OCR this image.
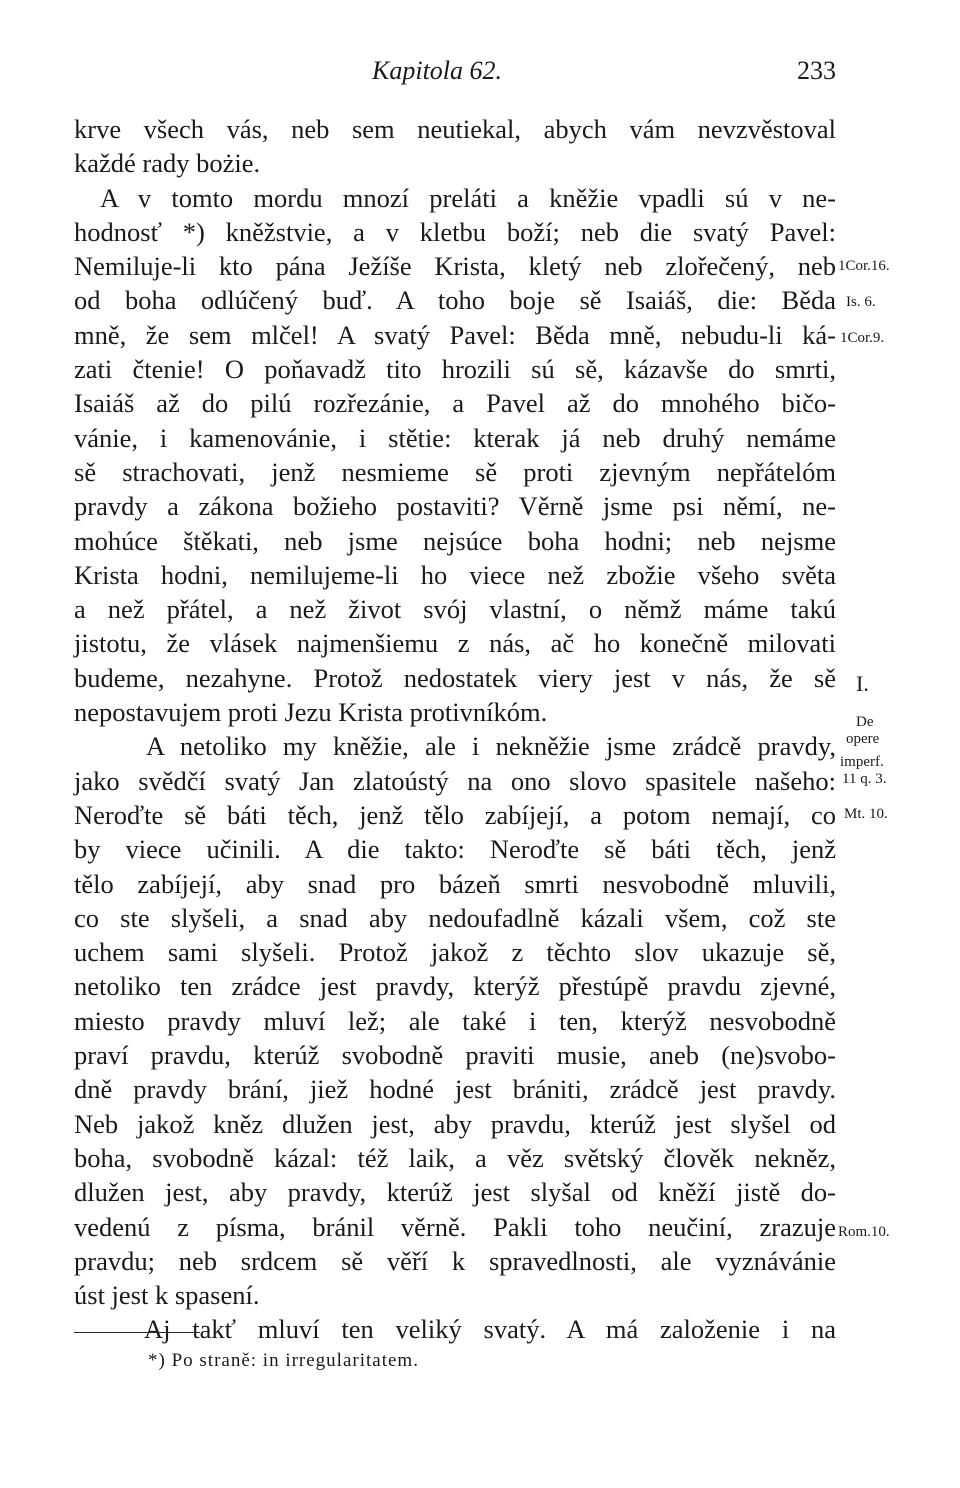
Kapitola 62.	233
krve všech vás, neb sem neutiekal, abych vám nevzvěstoval
každé rady bożie.
A v tomto mordu mnozí preláti a kněžie vpadli sú v ne-
hodnosť *) kněžstvie, a v kletbu boží; neb die svatý Pavel:
Nemiluje-li kto pána Ježíše Krista, kletý neb zlořečený, neb
od boha odlúčený buď. A toho boje sě Isaiáš, die: Běda
mně, že sem mlčel! A svatý Pavel: Běda mně, nebudu-li ká-
zati čtenie! O poňavadž tito hrozili sú sě, kázavše do smrti,
Isaiáš až do pilú rozřezánie, a Pavel až do mnohého bičo-
vánie, i kamenovánie, i stětie: kterak já neb druhý nemáme
sě strachovati, jenž nesmieme sě proti zjevným nepřátelóm
pravdy a zákona božieho postaviti? Věrně jsme psi němí, ne-
mohúce štěkati, neb jsme nejsúce boha hodni; neb nejsme
Krista hodni, nemilujeme-li ho viece než zbožie všeho světa
a než přátel, a než život svój vlastní, o němž máme takú
jistotu, že vlásek najmenšiemu z nás, ač ho konečně milovati
budeme, nezahyne. Protož nedostatek viery jest v nás, že sě
nepostavujem proti Jezu Krista protivníkóm.
A netoliko my kněžie, ale i nekněžie jsme zrádcě pravdy,
jako svědčí svatý Jan zlatoústý na ono slovo spasitele našeho:
Neroďte sě báti těch, jenž tělo zabíjejí, a potom nemají, co
by viece učinili. A die takto: Neroďte sě báti těch, jenž
tělo zabíjejí, aby snad pro bázeň smrti nesvobodně mluvili,
co ste slyšeli, a snad aby nedoufadlně kázali všem, což ste
uchem sami slyšeli. Protož jakož z těchto slov ukazuje sě,
netoliko ten zrádce jest pravdy, kterýž přestúpě pravdu zjevné,
miesto pravdy mluví lež; ale také i ten, kterýž nesvobodně
praví pravdu, kterúž svobodně praviti musie, aneb (ne)svobo-
dně pravdy brání, jiež hodné jest brániti, zrádcě jest pravdy.
Neb jakož kněz dlužen jest, aby pravdu, kterúž jest slyšel od
boha, svobodně kázal: též laik, a věz světský člověk nekněz,
dlužen jest, aby pravdy, kterúž jest slyšal od kněží jistě do-
vedenú z písma, bránil věrně. Pakli toho neučiní, zrazuje
pravdu; neb srdcem sě věří k spravedlnosti, ale vyznávánie
úst jest k spasení.
Aj takť mluví ten veliký svatý. A má založenie i na
1Cor.16.
Is. 6.
1Cor.9.
I.
De
opere
imperf.
11 q. 3.
Mt. 10.
Rom.10.
*) Po straně: in irregularitatem.
